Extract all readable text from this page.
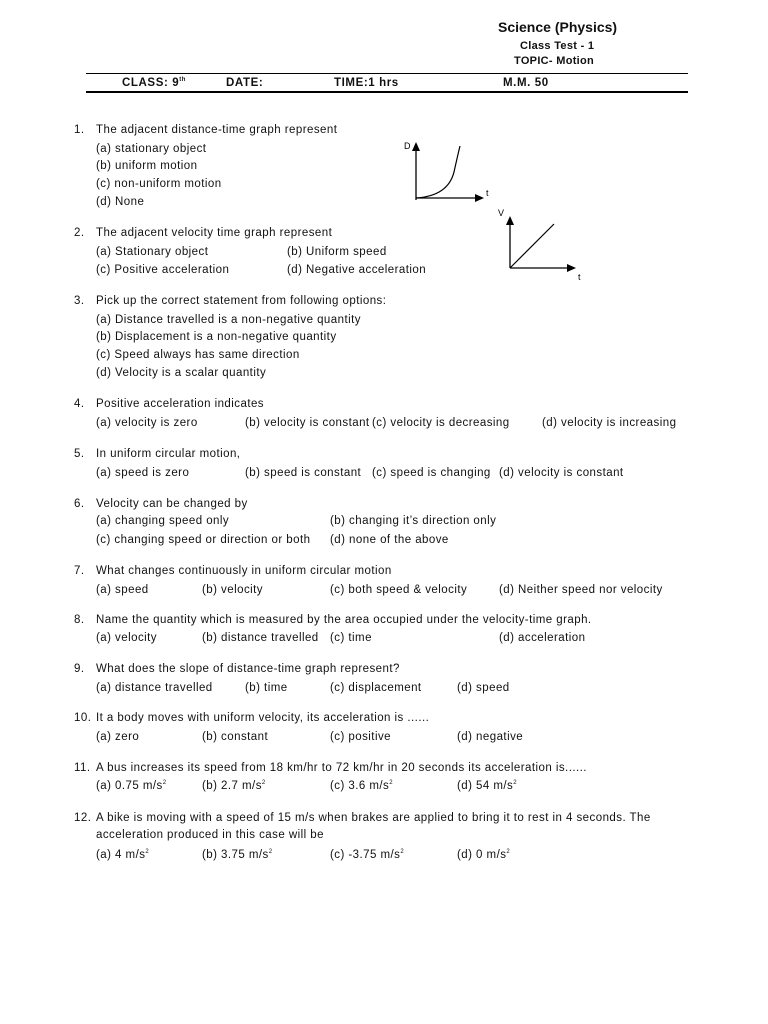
Science (Physics)
Class Test - 1
TOPIC- Motion
CLASS: 9th	DATE:	TIME:1 hrs	M.M. 50
D
t
V
t
1. The adjacent distance-time graph represent
(a) stationary object
(b) uniform motion
(c) non-uniform motion
(d) None
2. The adjacent velocity time graph represent
(a) Stationary object	(b) Uniform speed
(c) Positive acceleration	(d) Negative acceleration
3. Pick up the correct statement from following options:
(a) Distance travelled is a non-negative quantity
(b) Displacement is a non-negative quantity
(c) Speed always has same direction
(d) Velocity is a scalar quantity
4. Positive acceleration indicates
(a) velocity is zero	(b) velocity is constant (c) velocity is decreasing	(d) velocity is increasing
5. In uniform circular motion,
(a) speed is zero	(b) speed is constant (c) speed is changing (d) velocity is constant
6. Velocity can be changed by
(a) changing speed only	(b) changing it’s direction only
(c) changing speed or direction or both (d) none of the above
7. What changes continuously in uniform circular motion
(a) speed	(b) velocity	(c) both speed & velocity	(d) Neither speed nor velocity
8. Name the quantity which is measured by the area occupied under the velocity-time graph.
(a) velocity	(b) distance travelled (c) time	(d) acceleration
9. What does the slope of distance-time graph represent?
(a) distance travelled	(b) time	(c) displacement	(d) speed
10. It a body moves with uniform velocity, its acceleration is ......
(a) zero	(b) constant	(c) positive	(d) negative
11. A bus increases its speed from 18 km/hr to 72 km/hr in 20 seconds its acceleration is......
(a) 0.75 $m/s^2$	(b) 2.7 $m/s^2$	(c) 3.6 $m/s^2$	(d) 54 $m/s^2$
12. A bike is moving with a speed of 15 m/s when brakes are applied to bring it to rest in 4 seconds. The
acceleration produced in this case will be
(a) 4 $m/s^2$	(b) 3.75 $m/s^2$	(c) -3.75 $m/s^2$	(d) 0 $m/s^2$
